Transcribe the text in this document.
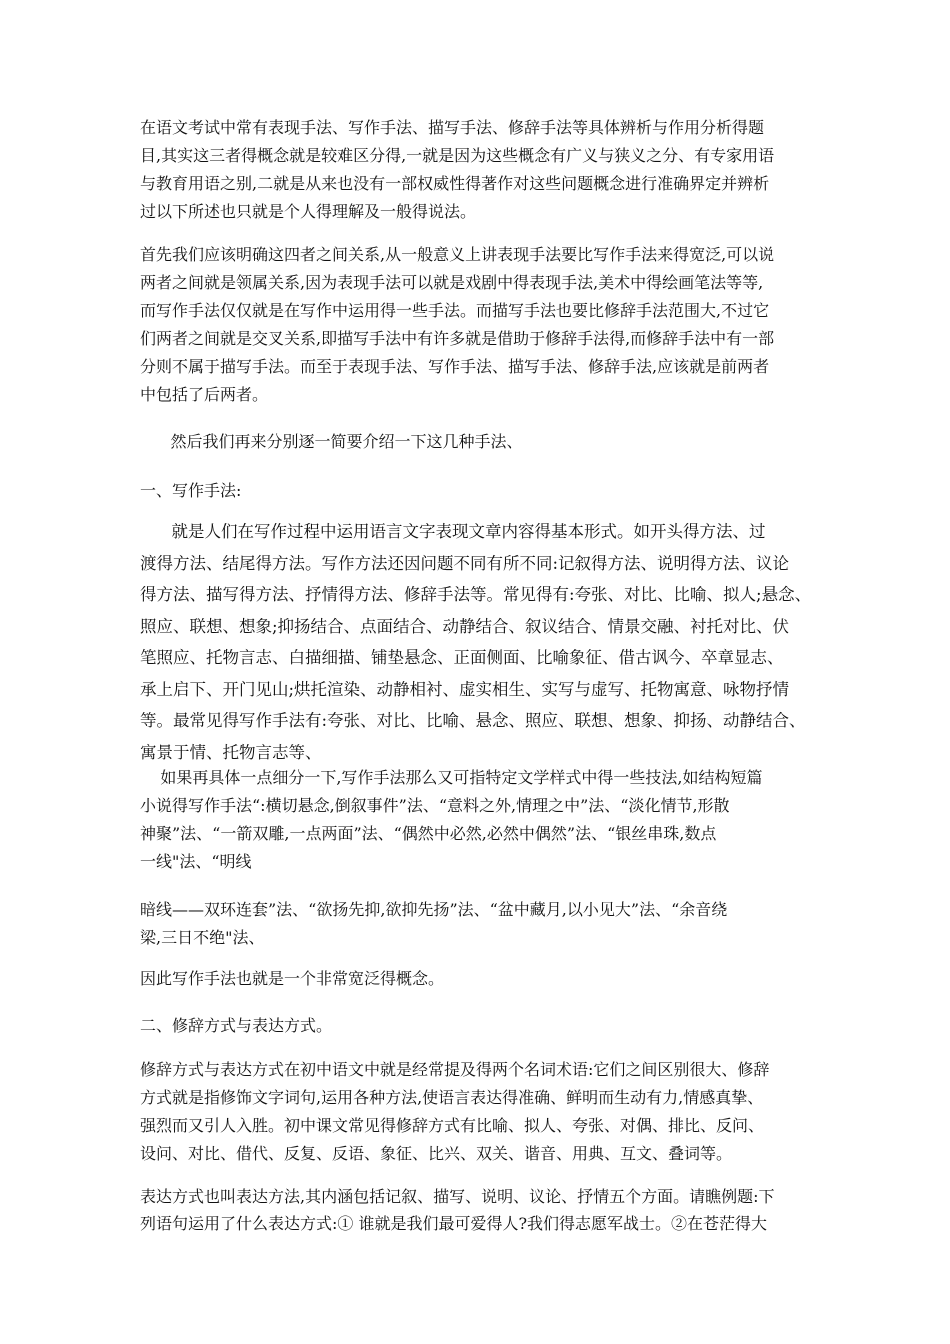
在语文考试中常有表现手法、写作手法、描写手法、修辞手法等具体辨析与作用分析得题
目,其实这三者得概念就是较难区分得,一就是因为这些概念有广义与狭义之分、有专家用语
与教育用语之别,二就是从来也没有一部权威性得著作对这些问题概念进行准确界定并辨析
过以下所述也只就是个人得理解及一般得说法。
首先我们应该明确这四者之间关系,从一般意义上讲表现手法要比写作手法来得宽泛,可以说
两者之间就是领属关系,因为表现手法可以就是戏剧中得表现手法,美术中得绘画笔法等等,
而写作手法仅仅就是在写作中运用得一些手法。而描写手法也要比修辞手法范围大,不过它
们两者之间就是交叉关系,即描写手法中有许多就是借助于修辞手法得,而修辞手法中有一部
分则不属于描写手法。而至于表现手法、写作手法、描写手法、修辞手法,应该就是前两者
中包括了后两者。
然后我们再来分别逐一简要介绍一下这几种手法、
一、写作手法:
就是人们在写作过程中运用语言文字表现文章内容得基本形式。如开头得方法、过
渡得方法、结尾得方法。写作方法还因问题不同有所不同:记叙得方法、说明得方法、议论
得方法、描写得方法、抒情得方法、修辞手法等。常见得有:夸张、对比、比喻、拟人;悬念、
照应、联想、想象;抑扬结合、点面结合、动静结合、叙议结合、情景交融、衬托对比、伏
笔照应、托物言志、白描细描、铺垫悬念、正面侧面、比喻象征、借古讽今、卒章显志、
承上启下、开门见山;烘托渲染、动静相衬、虚实相生、实写与虚写、托物寓意、咏物抒情
等。最常见得写作手法有:夸张、对比、比喻、悬念、照应、联想、想象、抑扬、动静结合、
寓景于情、托物言志等、
如果再具体一点细分一下,写作手法那么又可指特定文学样式中得一些技法,如结构短篇
小说得写作手法“:横切悬念,倒叙事件”法、“意料之外,情理之中”法、“淡化情节,形散
神聚”法、“一箭双雕,一点两面”法、“偶然中必然,必然中偶然”法、“银丝串珠,数点
一线"法、“明线
暗线——双环连套”法、“欲扬先抑,欲抑先扬”法、“盆中藏月,以小见大”法、“余音绕
梁,三日不绝"法、
因此写作手法也就是一个非常宽泛得概念。
二、修辞方式与表达方式。
修辞方式与表达方式在初中语文中就是经常提及得两个名词术语:它们之间区别很大、修辞
方式就是指修饰文字词句,运用各种方法,使语言表达得准确、鲜明而生动有力,情感真挚、
强烈而又引人入胜。初中课文常见得修辞方式有比喻、拟人、夸张、对偶、排比、反问、
设问、对比、借代、反复、反语、象征、比兴、双关、谐音、用典、互文、叠词等。
表达方式也叫表达方法,其内涵包括记叙、描写、说明、议论、抒情五个方面。请瞧例题:下
列语句运用了什么表达方式:① 谁就是我们最可爱得人?我们得志愿军战士。②在苍茫得大
